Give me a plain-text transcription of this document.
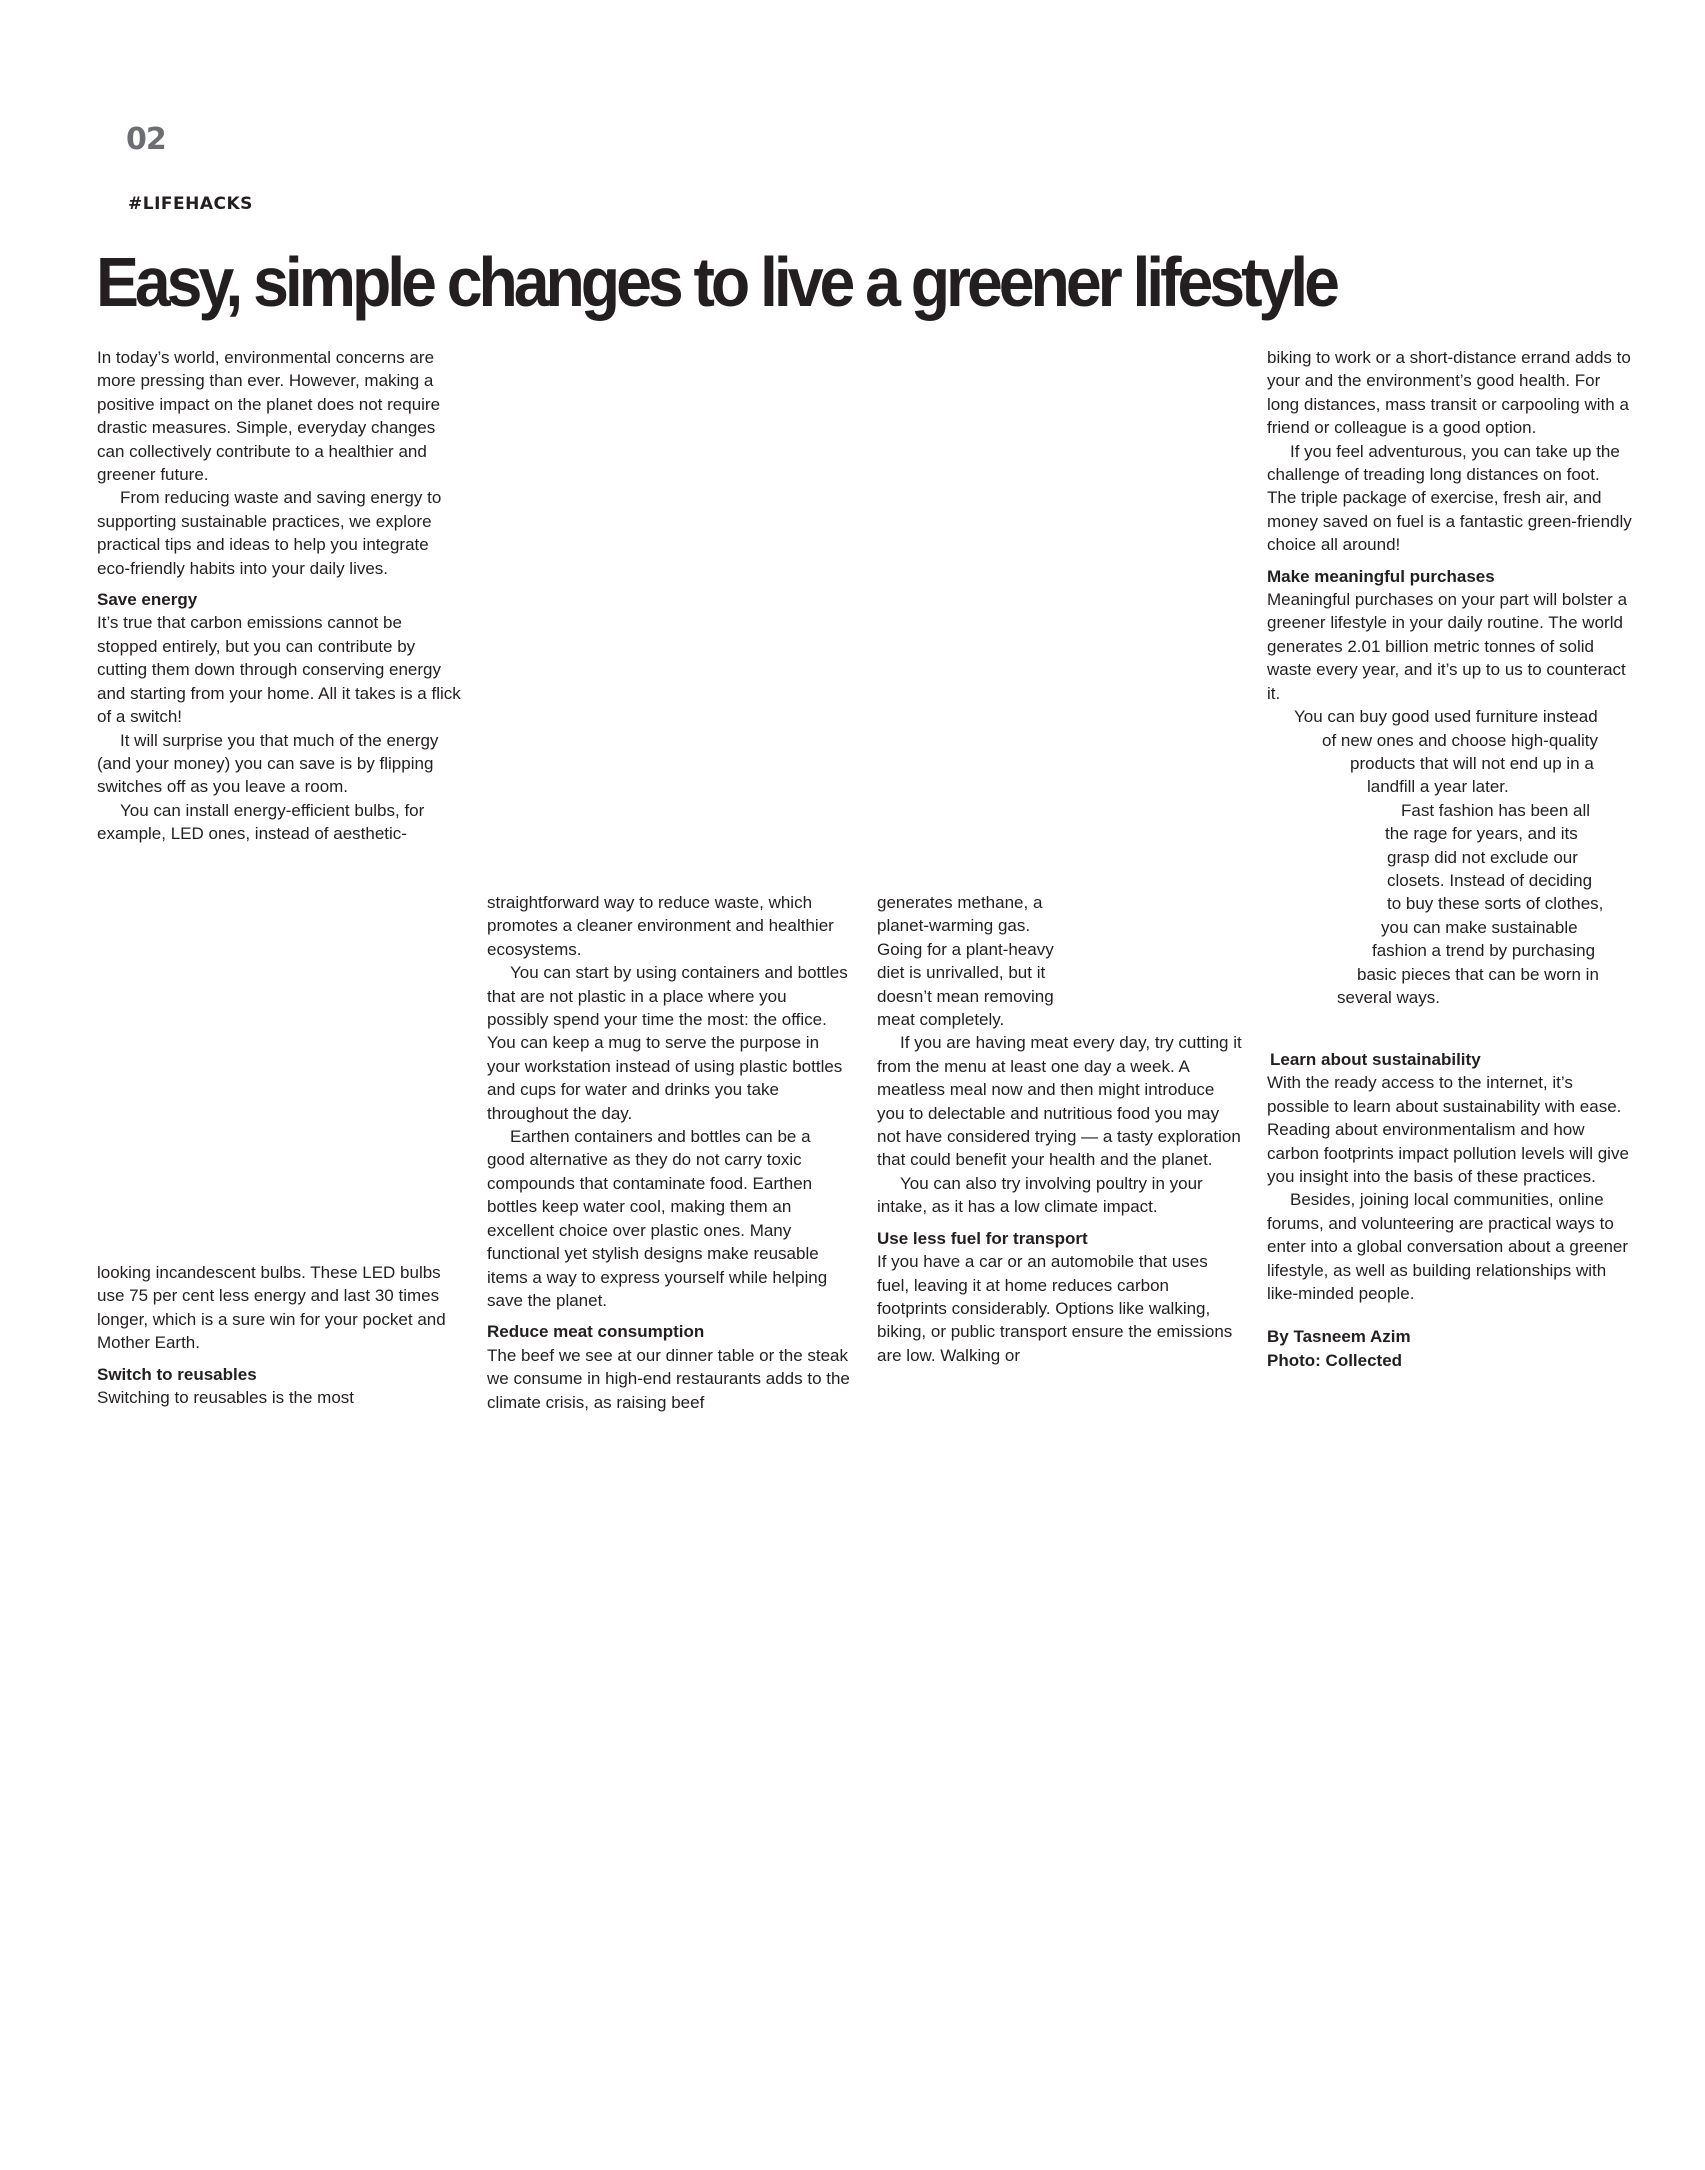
02
#LIFEHACKS
Easy, simple changes to live a greener lifestyle

In today’s world, environmental concerns are more pressing than ever. However, making a positive impact on the planet does not require drastic measures. Simple, everyday changes can collectively contribute to a healthier and greener future.

From reducing waste and saving energy to supporting sustainable practices, we explore practical tips and ideas to help you integrate eco-friendly habits into your daily lives.

Save energy

It’s true that carbon emissions cannot be stopped entirely, but you can contribute by cutting them down through conserving energy and starting from your home. All it takes is a flick of a switch!

It will surprise you that much of the energy (and your money) you can save is by flipping switches off as you leave a room.

You can install energy-efficient bulbs, for example, LED ones, instead of aesthetic-

looking incandescent bulbs. These LED bulbs use 75 per cent less energy and last 30 times longer, which is a sure win for your pocket and Mother Earth.

Switch to reusables

Switching to reusables is the most

straightforward way to reduce waste, which promotes a cleaner environment and healthier ecosystems.

You can start by using containers and bottles that are not plastic in a place where you possibly spend your time the most: the office. You can keep a mug to serve the purpose in your workstation instead of using plastic bottles and cups for water and drinks you take throughout the day.

Earthen containers and bottles can be a good alternative as they do not carry toxic compounds that contaminate food. Earthen bottles keep water cool, making them an excellent choice over plastic ones. Many functional yet stylish designs make reusable items a way to express yourself while helping save the planet.

Reduce meat consumption

The beef we see at our dinner table or the steak we consume in high-end restaurants adds to the climate crisis, as raising beef

generates methane, a planet-warming gas. Going for a plant-heavy diet is unrivalled, but it doesn’t mean removing meat completely.

If you are having meat every day, try cutting it from the menu at least one day a week. A meatless meal now and then might introduce you to delectable and nutritious food you may not have considered trying — a tasty exploration that could benefit your health and the planet.

You can also try involving poultry in your intake, as it has a low climate impact.

Use less fuel for transport

If you have a car or an automobile that uses fuel, leaving it at home reduces carbon footprints considerably. Options like walking, biking, or public transport ensure the emissions are low. Walking or

biking to work or a short-distance errand adds to your and the environment’s good health. For long distances, mass transit or carpooling with a friend or colleague is a good option.

If you feel adventurous, you can take up the challenge of treading long distances on foot. The triple package of exercise, fresh air, and money saved on fuel is a fantastic green-friendly choice all around!

Make meaningful purchases

Meaningful purchases on your part will bolster a greener lifestyle in your daily routine. The world generates 2.01 billion metric tonnes of solid waste every year, and it’s up to us to counteract it.

You can buy good used furniture instead
of new ones and choose high-quality
products that will not end up in a
landfill a year later.
Fast fashion has been all
the rage for years, and its
grasp did not exclude our
closets. Instead of deciding
to buy these sorts of clothes,
you can make sustainable
fashion a trend by purchasing
basic pieces that can be worn in
several ways.
Learn about sustainability

With the ready access to the internet, it’s possible to learn about sustainability with ease. Reading about environmentalism and how carbon footprints impact pollution levels will give you insight into the basis of these practices.

Besides, joining local communities, online forums, and volunteering are practical ways to enter into a global conversation about a greener lifestyle, as well as building relationships with like-minded people.

By Tasneem Azim

Photo: Collected
